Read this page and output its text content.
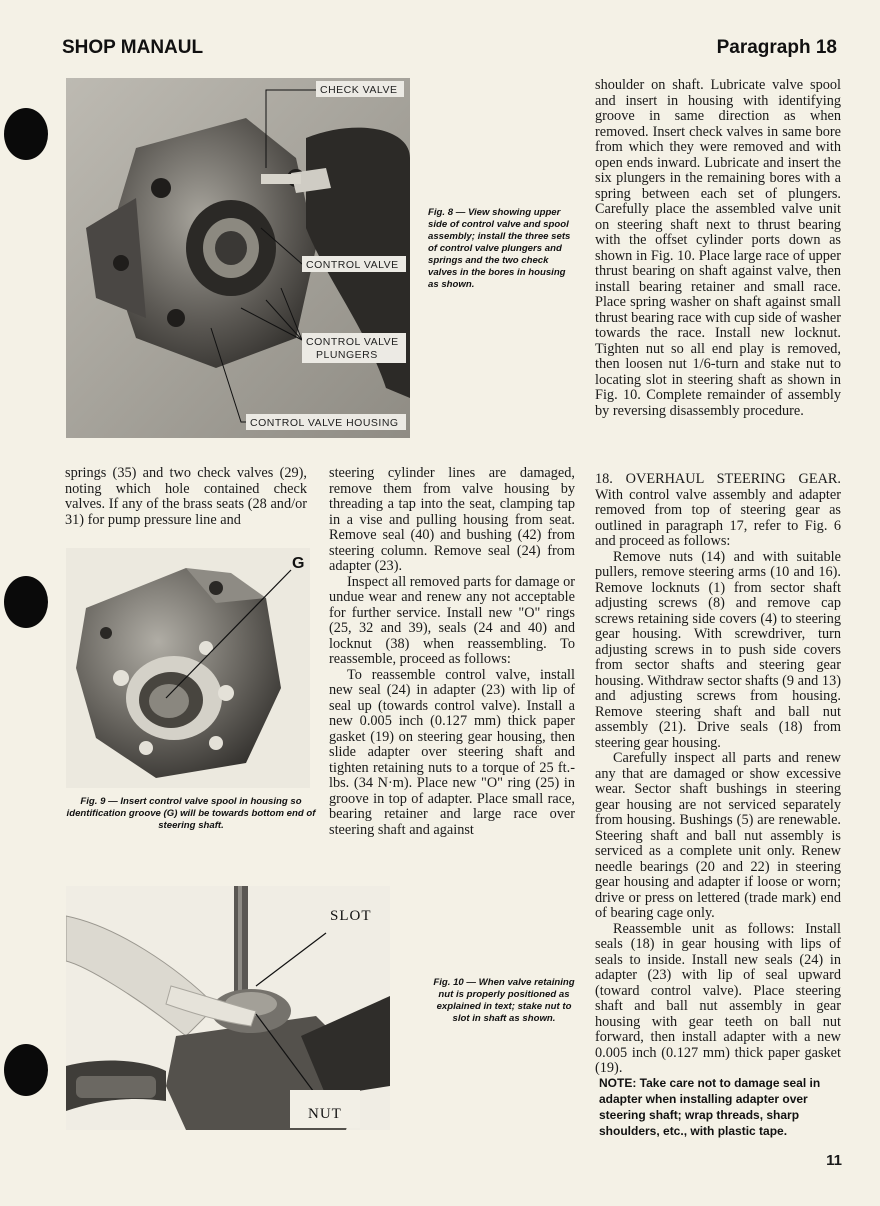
SHOP MANAUL	Paragraph 18
CHECK VALVE
CONTROL VALVE
CONTROL VALVE
PLUNGERS
CONTROL VALVE HOUSING
Fig. 8 — View showing upper side of control valve and spool assembly; install the three sets of control valve plungers and springs and the two check valves in the bores in housing as shown.

shoulder on shaft. Lubricate valve spool and insert in housing with identifying groove in same direction as when removed. Insert check valves in same bore from which they were removed and with open ends inward. Lubricate and insert the six plungers in the remaining bores with a spring between each set of plungers. Carefully place the assembled valve unit on steering shaft next to thrust bearing with the offset cylinder ports down as shown in Fig. 10. Place large race of upper thrust bearing on shaft against valve, then install bearing retainer and small race. Place spring washer on shaft against small thrust bearing race with cup side of washer towards the race. Install new locknut. Tighten nut so all end play is removed, then loosen nut 1/6-turn and stake nut to locating slot in steering shaft as shown in Fig. 10. Complete remainder of assembly by reversing disassembly procedure.

springs (35) and two check valves (29), noting which hole contained check valves. If any of the brass seats (28 and/or 31) for pump pressure line and

G
Fig. 9 — Insert control valve spool in housing so identification groove (G) will be towards bottom end of steering shaft.

steering cylinder lines are damaged, remove them from valve housing by threading a tap into the seat, clamping tap in a vise and pulling housing from seat. Remove seal (40) and bushing (42) from steering column. Remove seal (24) from adapter (23).

Inspect all removed parts for damage or undue wear and renew any not acceptable for further service. Install new "O" rings (25, 32 and 39), seals (24 and 40) and locknut (38) when reassembling. To reassemble, proceed as follows:

To reassemble control valve, install new seal (24) in adapter (23) with lip of seal up (towards control valve). Install a new 0.005 inch (0.127 mm) thick paper gasket (19) on steering gear housing, then slide adapter over steering shaft and tighten retaining nuts to a torque of 25 ft.-lbs. (34 N·m). Place new "O" ring (25) in groove in top of adapter. Place small race, bearing retainer and large race over steering shaft and against

18. OVERHAUL STEERING GEAR. With control valve assembly and adapter removed from top of steering gear as outlined in paragraph 17, refer to Fig. 6 and proceed as follows:

Remove nuts (14) and with suitable pullers, remove steering arms (10 and 16). Remove locknuts (1) from sector shaft adjusting screws (8) and remove cap screws retaining side covers (4) to steering gear housing. With screwdriver, turn adjusting screws in to push side covers from sector shafts and steering gear housing. Withdraw sector shafts (9 and 13) and adjusting screws from housing. Remove steering shaft and ball nut assembly (21). Drive seals (18) from steering gear housing.

Carefully inspect all parts and renew any that are damaged or show excessive wear. Sector shaft bushings in steering gear housing are not serviced separately from housing. Bushings (5) are renewable. Steering shaft and ball nut assembly is serviced as a complete unit only. Renew needle bearings (20 and 22) in steering gear housing and adapter if loose or worn; drive or press on lettered (trade mark) end of bearing cage only.

Reassemble unit as follows: Install seals (18) in gear housing with lips of seals to inside. Install new seals (24) in adapter (23) with lip of seal upward (toward control valve). Place steering shaft and ball nut assembly in gear housing with gear teeth on ball nut forward, then install adapter with a new 0.005 inch (0.127 mm) thick paper gasket (19).

SLOT
NUT
Fig. 10 — When valve retaining nut is properly positioned as explained in text; stake nut to slot in shaft as shown.
NOTE: Take care not to damage seal in adapter when installing adapter over steering shaft; wrap threads, sharp shoulders, etc., with plastic tape.
11
